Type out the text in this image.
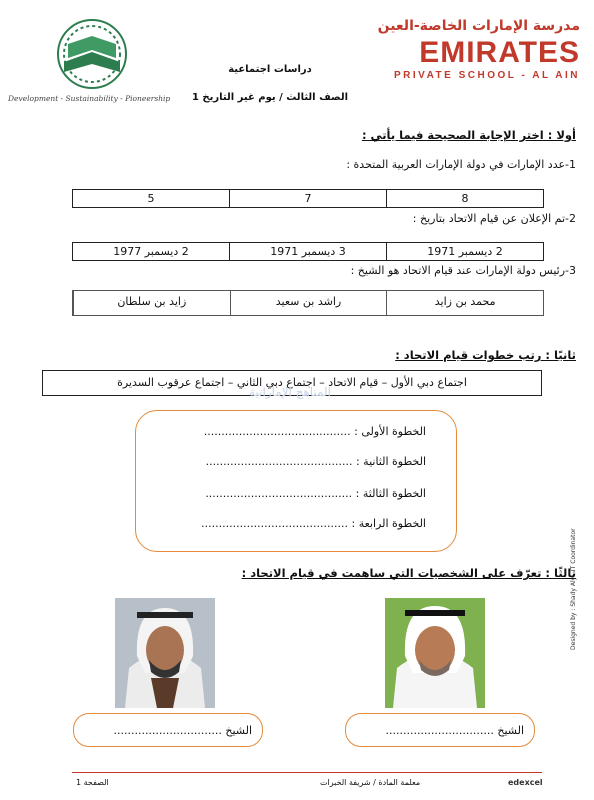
Development - Sustainability - Pioneership
مدرسة الإمارات الخاصة-العين
EMIRATES
PRIVATE SCHOOL - AL AIN
دراسات اجتماعية
الصف الثالث / يوم غير التاريخ 1
أولا : اختر الإجابة الصحيحة فيما يأتي :
1-عدد الإمارات في دولة الإمارات العربية المتحدة :
8
7
5
2-تم الإعلان عن قيام الاتحاد بتاريخ :
2 ديسمبر 1971
3 ديسمبر 1971
2 ديسمبر 1977
3-رئيس دولة الإمارات عند قيام الاتحاد هو الشيخ :
محمد بن زايد
راشد بن سعيد
زايد بن سلطان
ثانيًا : رتب خطوات قيام الاتحاد :
اجتماع دبي الأول – قيام الاتحاد – اجتماع دبي الثاني – اجتماع عرقوب السديرة
المناهج الإماراتية
الخطوة الأولى : ..........................................
الخطوة الثانية : ..........................................
الخطوة الثالثة : ..........................................
الخطوة الرابعة : ..........................................
ثالثًا : تعرّف على الشخصيات التي ساهمت في قيام الاتحاد :
الشيخ ...............................	الشيخ ...............................
الصفحة 1	معلمة المادة / شريفة الخبرات	edexcel
Designed by : Shady Aly , IT Coordinator
